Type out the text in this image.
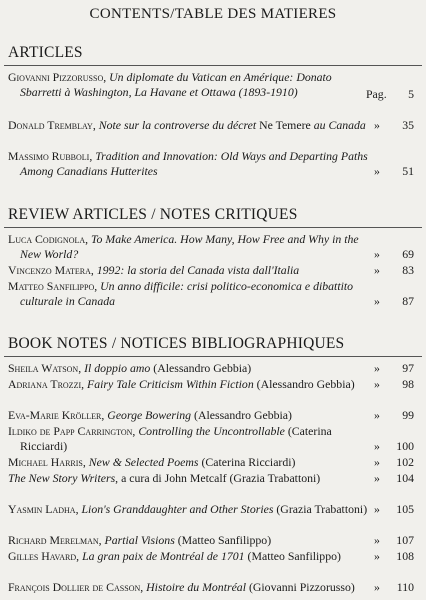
CONTENTS/TABLE DES MATIERES
ARTICLES
Giovanni Pizzorusso, Un diplomate du Vatican en Amérique: Donato Sbarretti à Washington, La Havane et Ottawa (1893-1910)	Pag. 5
Donald Tremblay, Note sur la controverse du décret Ne Temere au Canada » 35
Massimo Rubboli, Tradition and Innovation: Old Ways and Departing Paths Among Canadians Hutterites	» 51
REVIEW ARTICLES / NOTES CRITIQUES
Luca Codignola, To Make America. How Many, How Free and Why in the New World?	» 69
Vincenzo Matera, 1992: la storia del Canada vista dall'Italia	» 83
Matteo Sanfilippo, Un anno difficile: crisi politico-economica e dibattito culturale in Canada	» 87
BOOK NOTES / NOTICES BIBLIOGRAPHIQUES
Sheila Watson, Il doppio amo (Alessandro Gebbia)	» 97
Adriana Trozzi, Fairy Tale Criticism Within Fiction (Alessandro Gebbia)	» 98
Eva-Marie Kröller, George Bowering (Alessandro Gebbia)	» 99
Ildiko de Papp Carrington, Controlling the Uncontrollable (Caterina Ricciardi)	» 100
Michael Harris, New & Selected Poems (Caterina Ricciardi)	» 102
The New Story Writers, a cura di John Metcalf (Grazia Trabattoni)	» 104
Yasmin Ladha, Lion's Granddaughter and Other Stories (Grazia Trabattoni) » 105
Richard Merelman, Partial Visions (Matteo Sanfilippo)	» 107
Gilles Havard, La gran paix de Montréal de 1701 (Matteo Sanfilippo)	» 108
François Dollier de Casson, Histoire du Montréal (Giovanni Pizzorusso)	» 110
